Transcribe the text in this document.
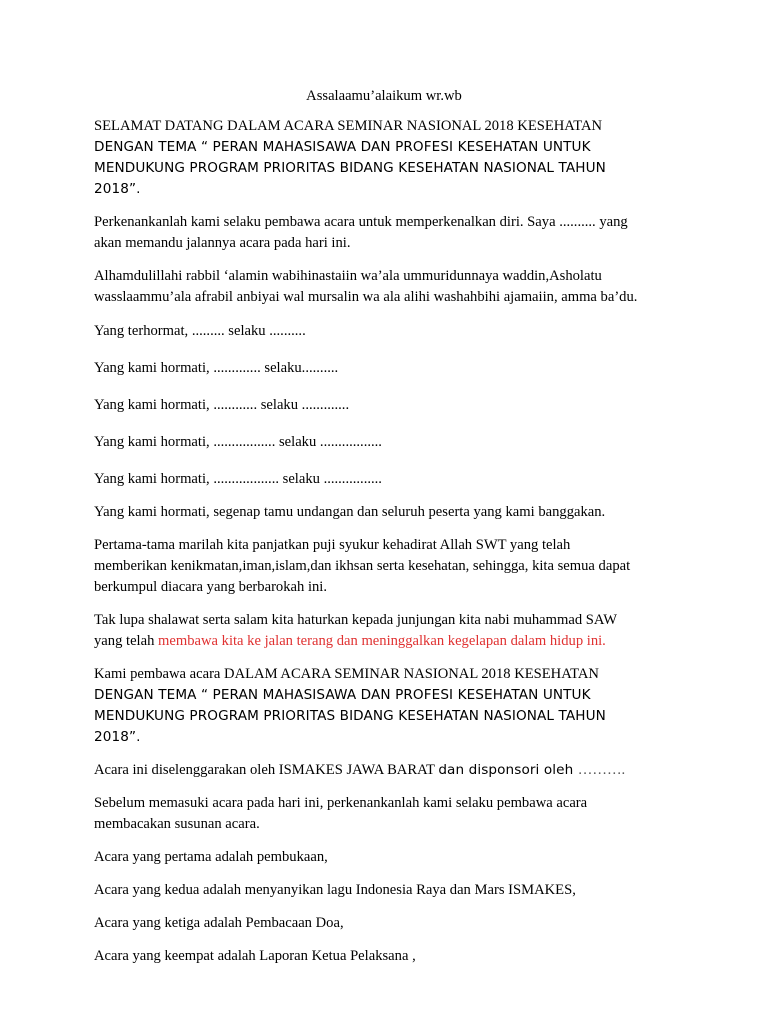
Assalaamu’alaikum wr.wb

SELAMAT DATANG DALAM ACARA SEMINAR NASIONAL 2018 KESEHATAN

DENGAN TEMA “ PERAN MAHASISAWA DAN PROFESI KESEHATAN UNTUK

MENDUKUNG PROGRAM PRIORITAS BIDANG KESEHATAN NASIONAL TAHUN

2018”.

Perkenankanlah kami selaku pembawa acara untuk memperkenalkan diri. Saya .......... yang

akan memandu jalannya acara pada hari ini.

Alhamdulillahi rabbil ‘alamin wabihinastaiin wa’ala ummuridunnaya waddin,Asholatu

wasslaammu’ala afrabil anbiyai wal mursalin wa ala alihi washahbihi ajamaiin, amma ba’du.

Yang terhormat, ......... selaku ..........

Yang kami hormati, ............. selaku..........

Yang kami hormati, ............ selaku .............

Yang kami hormati, ................. selaku .................

Yang kami hormati, .................. selaku ................

Yang kami hormati, segenap tamu undangan dan seluruh peserta yang kami banggakan.

Pertama-tama marilah kita panjatkan puji syukur kehadirat Allah SWT yang telah

memberikan kenikmatan,iman,islam,dan ikhsan serta kesehatan, sehingga, kita semua dapat

berkumpul diacara yang berbarokah ini.

Tak lupa shalawat serta salam kita haturkan kepada junjungan kita nabi muhammad SAW

yang telah membawa kita ke jalan terang dan meninggalkan kegelapan dalam hidup ini.

Kami pembawa acara DALAM ACARA SEMINAR NASIONAL 2018 KESEHATAN

DENGAN TEMA “ PERAN MAHASISAWA DAN PROFESI KESEHATAN UNTUK

MENDUKUNG PROGRAM PRIORITAS BIDANG KESEHATAN NASIONAL TAHUN

2018”.

Acara ini diselenggarakan oleh ISMAKES JAWA BARAT dan disponsori oleh ……….

Sebelum memasuki acara pada hari ini, perkenankanlah kami selaku pembawa acara

membacakan susunan acara.

Acara yang pertama adalah pembukaan,

Acara yang kedua adalah menyanyikan lagu Indonesia Raya dan Mars ISMAKES,

Acara yang ketiga adalah Pembacaan Doa,

Acara yang keempat adalah Laporan Ketua Pelaksana ,
